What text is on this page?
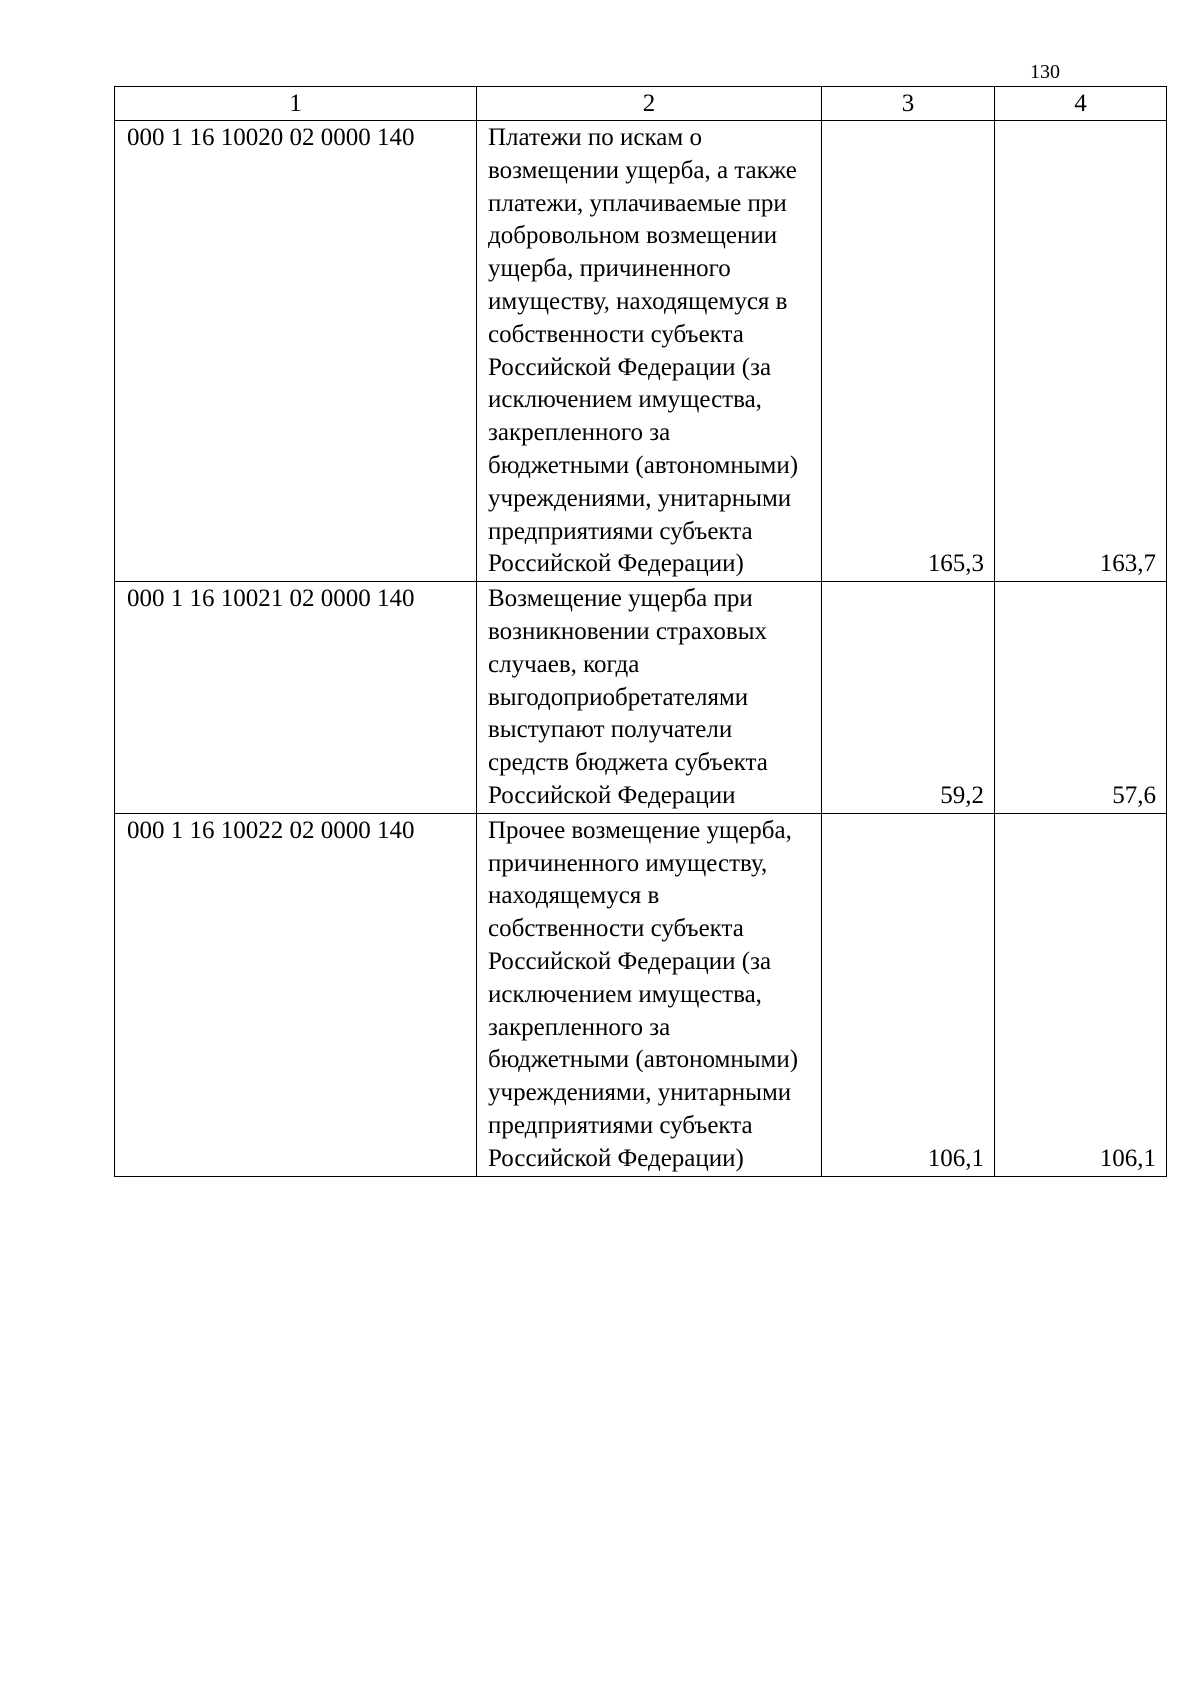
130
1	2	3	4
000 1 16 10020 02 0000 140	Платежи по искам о возмещении ущерба, а также платежи, уплачиваемые при добровольном возмещении ущерба, причиненного имуществу, находящемуся в собственности субъекта Российской Федерации (за исключением имущества, закрепленного за бюджетными (автономными) учреждениями, унитарными предприятиями субъекта Российской Федерации)	165,3	163,7
000 1 16 10021 02 0000 140	Возмещение ущерба при возникновении страховых случаев, когда выгодоприобретателями выступают получатели средств бюджета субъекта Российской Федерации	59,2	57,6
000 1 16 10022 02 0000 140	Прочее возмещение ущерба, причиненного имуществу, находящемуся в собственности субъекта Российской Федерации (за исключением имущества, закрепленного за бюджетными (автономными) учреждениями, унитарными предприятиями субъекта Российской Федерации)	106,1	106,1
